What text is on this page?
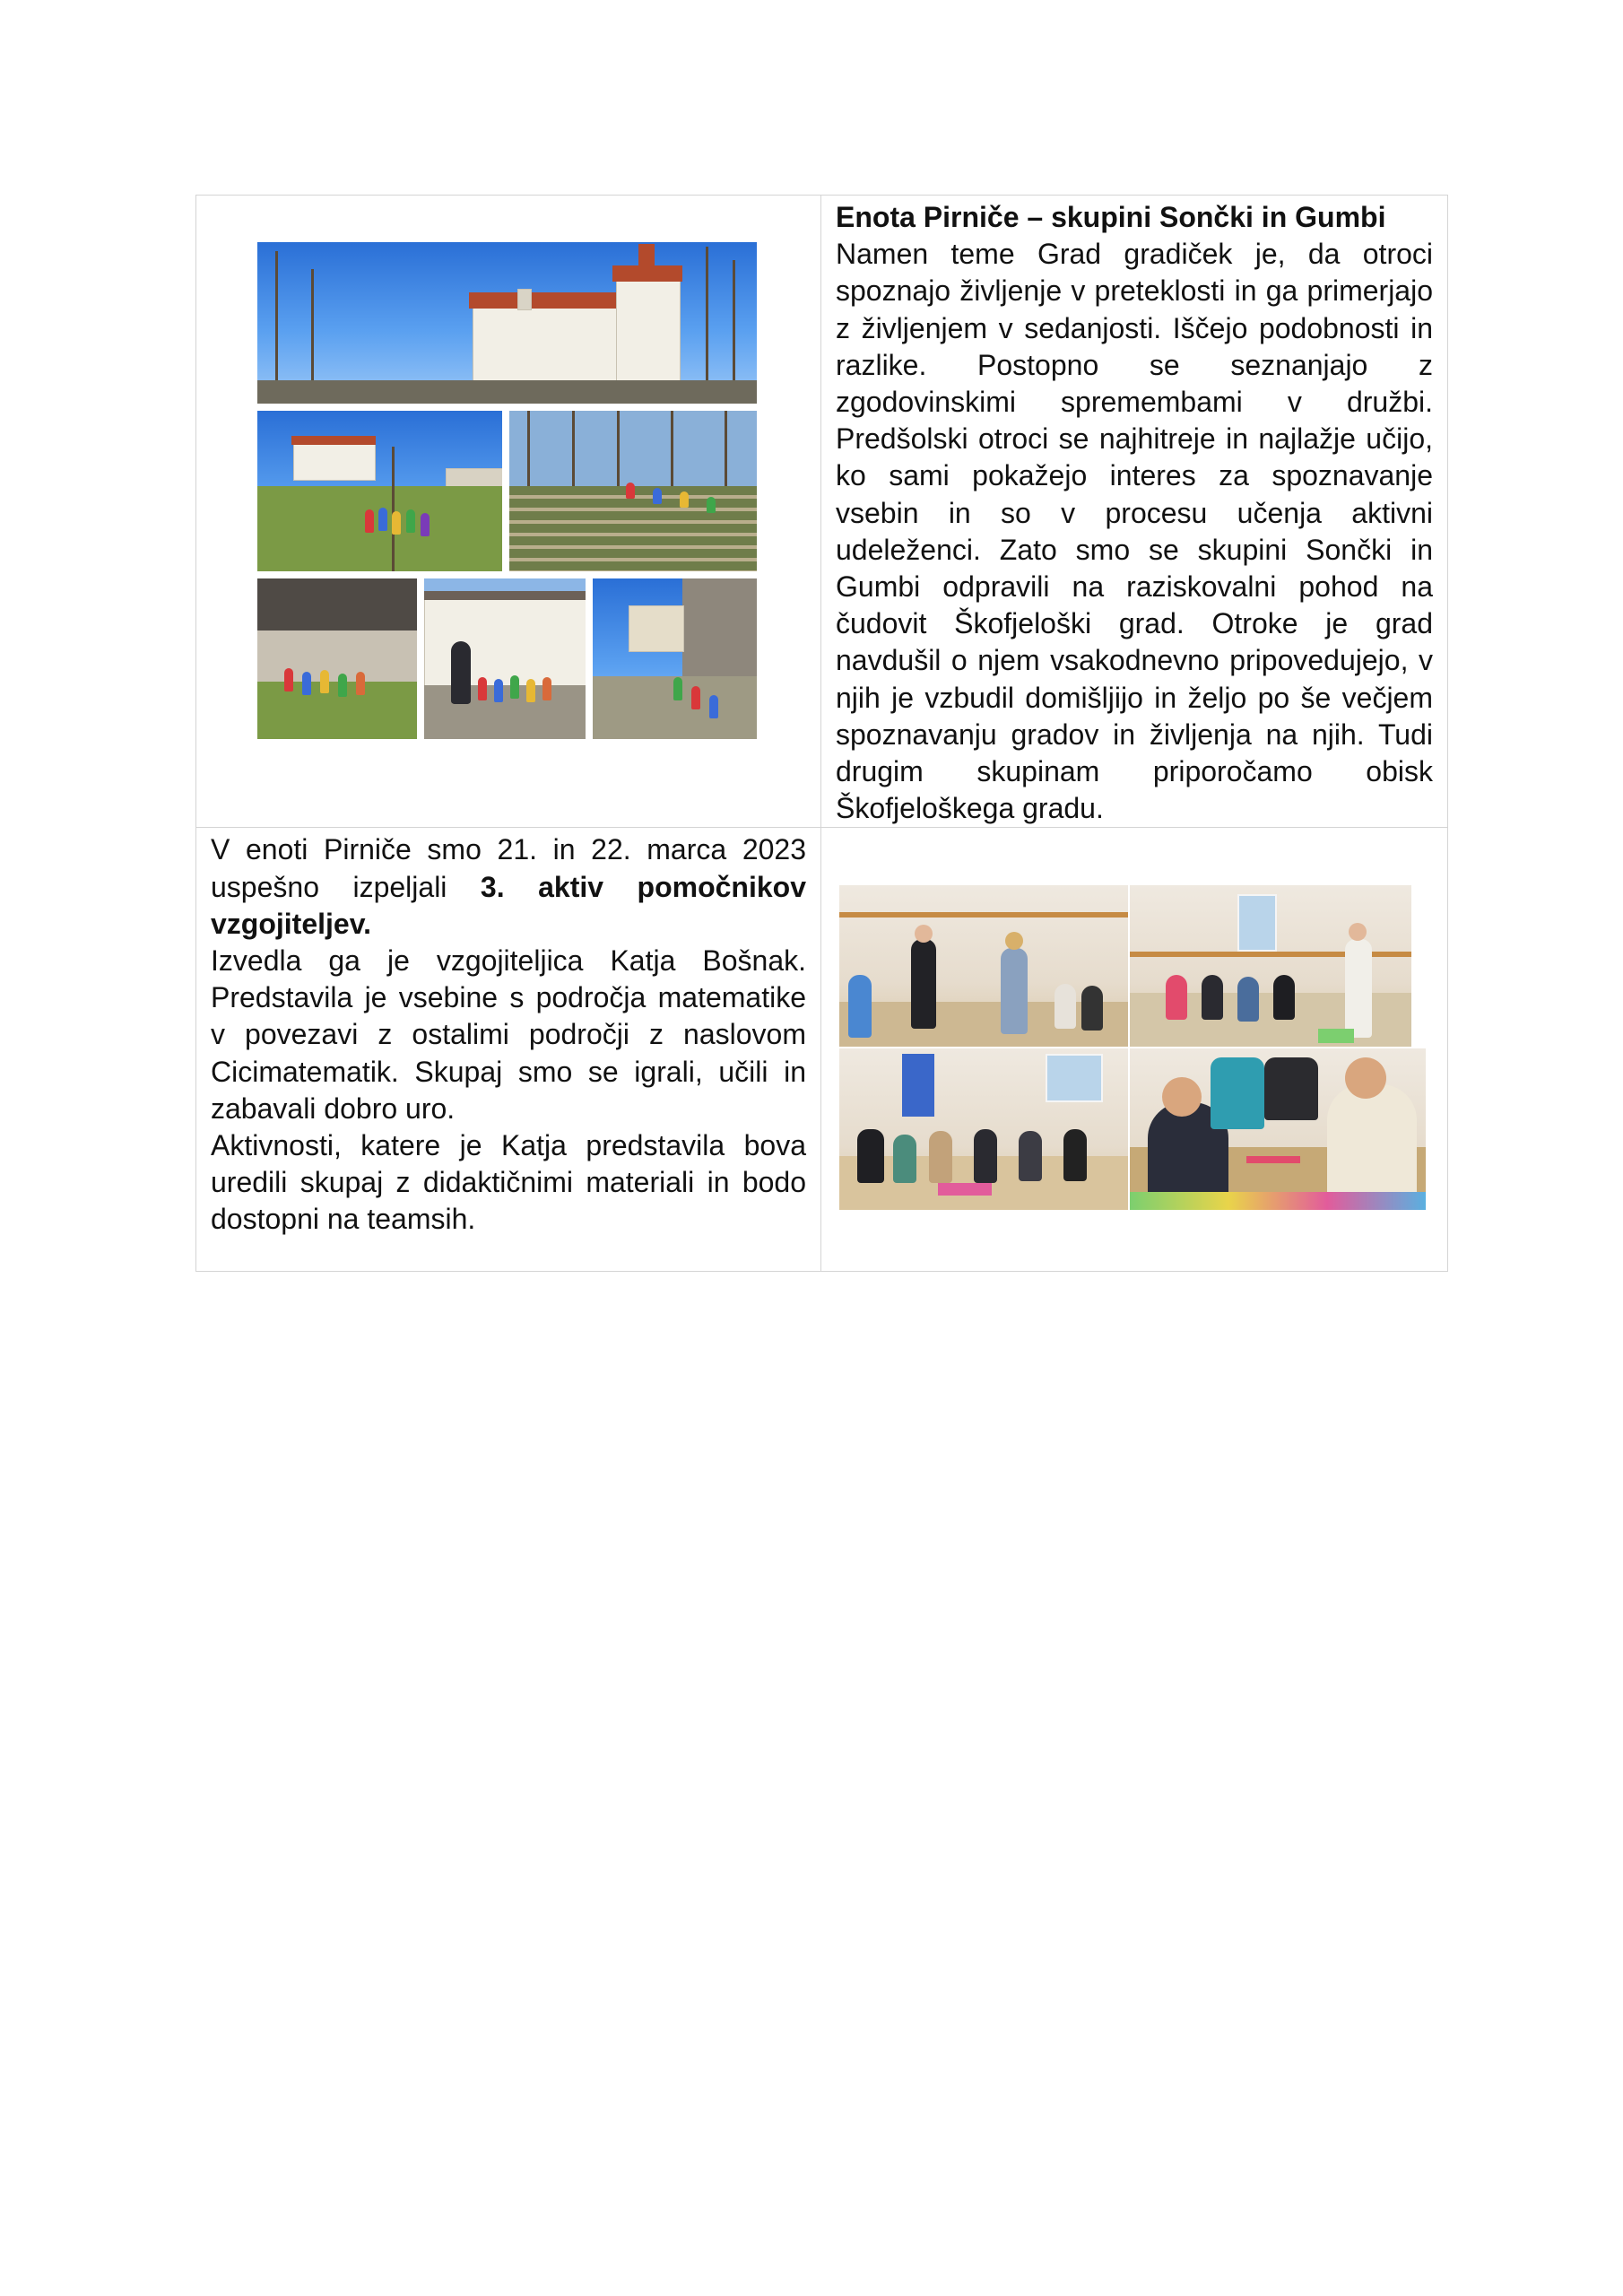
	Enota Pirniče – skupini Sončki in Gumbi

Namen teme Grad gradiček je, da otroci spoznajo življenje v preteklosti in ga primerjajo z življenjem v sedanjosti. Iščejo podobnosti in razlike. Postopno se seznanjajo z zgodovinskimi spremembami v družbi. Predšolski otroci se najhitreje in najlažje učijo, ko sami pokažejo interes za spoznavanje vsebin in so v procesu učenja aktivni udeleženci. Zato smo se skupini Sončki in Gumbi odpravili na raziskovalni pohod na čudovit Škofjeloški grad. Otroke je grad navdušil o njem vsakodnevno pripovedujejo, v njih je vzbudil domišljijo in željo po še večjem spoznavanju gradov in življenja na njih. Tudi drugim skupinam priporočamo obisk Škofjeloškega gradu.

V enoti Pirniče smo 21. in 22. marca 2023 uspešno izpeljali 3. aktiv pomočnikov vzgojiteljev.

Izvedla ga je vzgojiteljica Katja Bošnak. Predstavila je vsebine s področja matematike v povezavi z ostalimi področji z naslovom Cicimatematik. Skupaj smo se igrali, učili in zabavali dobro uro.

Aktivnosti, katere je Katja predstavila bova uredili skupaj z didaktičnimi materiali in bodo dostopni na teamsih.	
